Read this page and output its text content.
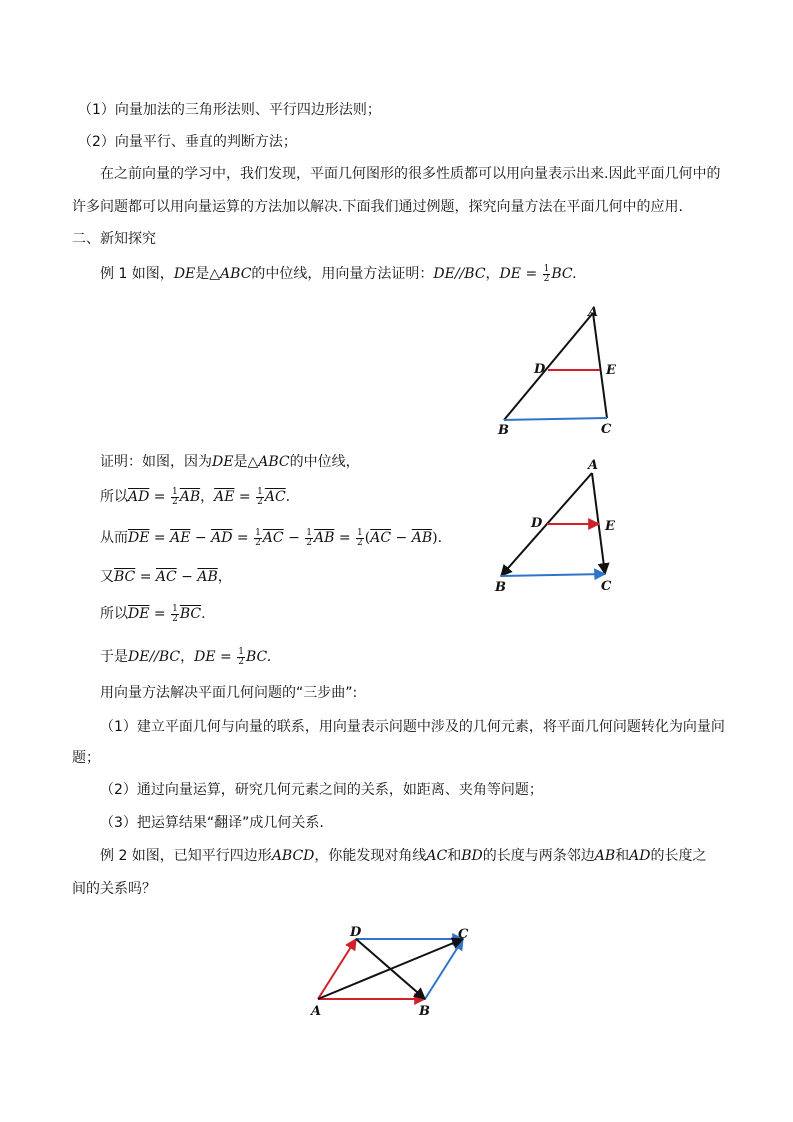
（1）向量加法的三角形法则、平行四边形法则；
（2）向量平行、垂直的判断方法；
在之前向量的学习中，我们发现，平面几何图形的很多性质都可以用向量表示出来.因此平面几何中的
许多问题都可以用向量运算的方法加以解决.下面我们通过例题，探究向量方法在平面几何中的应用.
二、新知探究
例 1 如图，DE是△ABC的中位线，用向量方法证明：DE//BC，DE = $\frac{1}{2}$ BC.
A
D	E
B	C
证明：如图，因为DE是△ABC的中位线，
所以$\overline{AD} = \frac{1}{2} \overline{AB}$，$\overline{AE} = \frac{1}{2} \overline{AC}$.
从而$\overline{DE} = \overline{AE} - \overline{AD} = \frac{1}{2} \overline{AC} - \frac{1}{2} \overline{AB} = \frac{1}{2} (\overline{AC} - \overline{AB})$.
又$\overline{BC} = \overline{AC} - \overline{AB}$，
所以$\overline{DE} = \frac{1}{2} \overline{BC}$.
于是DE//BC，DE = $\frac{1}{2}$ BC.
A
D	E
B	C
用向量方法解决平面几何问题的“三步曲”:
（1）建立平面几何与向量的联系，用向量表示问题中涉及的几何元素，将平面几何问题转化为向量问
题；
（2）通过向量运算，研究几何元素之间的关系，如距离、夹角等问题；
（3）把运算结果“翻译”成几何关系.
例 2 如图，已知平行四边形ABCD，你能发现对角线AC和BD的长度与两条邻边AB和AD的长度之
间的关系吗？
D	C
A	B
